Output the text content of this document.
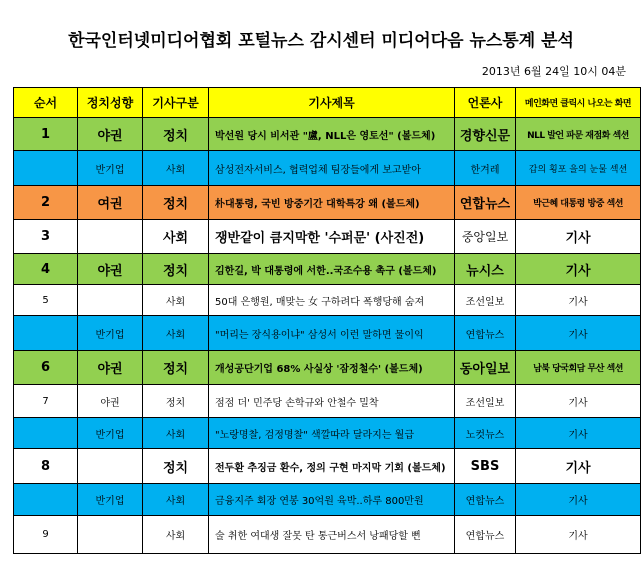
한국인터넷미디어협회 포털뉴스 감시센터 미디어다음 뉴스통계 분석
2013년 6월 24일 10시 04분
순서	정치성향	기사구분	기사제목	언론사	메인화면 클릭시 나오는 화면
1	야권	정치	박선원 당시 비서관 "盧, NLL은 영토선" (볼드체)	경향신문	NLL 발언 파문 재점화 섹션
	반기업	사회	삼성전자서비스, 협력업체 팀장들에게 보고받아	한겨레	갑의 횡포 을의 눈물 섹션
2	여권	정치	朴대통령, 국빈 방중기간 대학특강 왜 (볼드체)	연합뉴스	박근혜 대통령 방중 섹션
3		사회	쟁반같이 큼지막한 '수퍼문' (사진전)	중앙일보	기사
4	야권	정치	김한길, 박 대통령에 서한..국조수용 촉구 (볼드체)	뉴시스	기사
5		사회	50대 은행원, 매맞는 女 구하려다 폭행당해 숨져	조선일보	기사
	반기업	사회	"머리는 장식용이냐" 삼성서 이런 말하면 물이익	연합뉴스	기사
6	야권	정치	개성공단기업 68% 사실상 '잠정철수' (볼드체)	동아일보	남북 당국회담 무산 섹션
7	야권	정치	점점 더' 민주당 손학규와 안철수 밀착	조선일보	기사
	반기업	사회	"노랑명찰, 검정명찰" 색깔따라 달라지는 월급	노컷뉴스	기사
8		정치	전두환 추징금 환수, 정의 구현 마지막 기회 (볼드체)	SBS	기사
	반기업	사회	금융지주 회장 연봉 30억원 육박..하루 800만원	연합뉴스	기사
9		사회	술 취한 여대생 잘못 탄 통근버스서 낭패당할 뻔	연합뉴스	기사
